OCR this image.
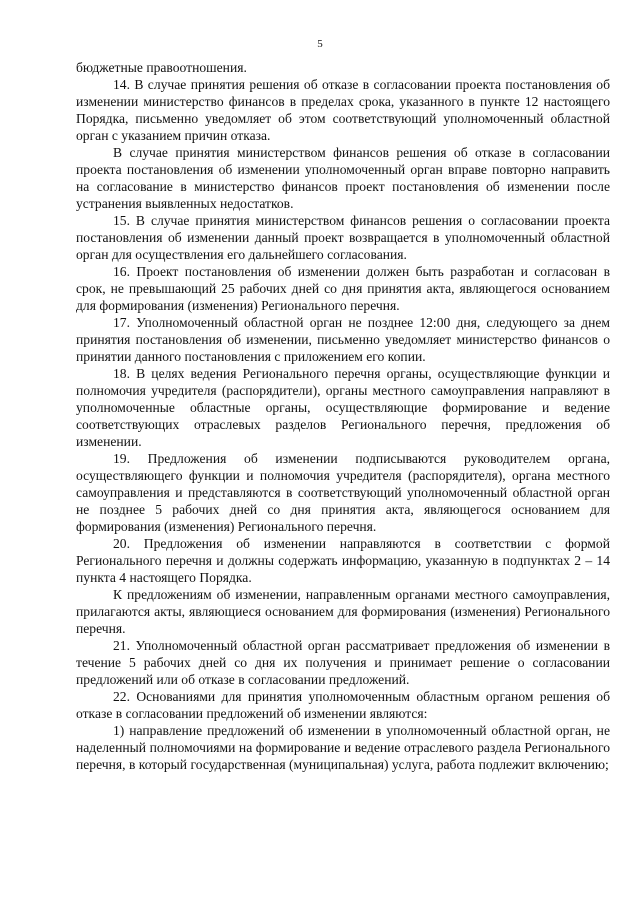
5

бюджетные правоотношения.

14. В случае принятия решения об отказе в согласовании проекта постановления об изменении министерство финансов в пределах срока, указанного в пункте 12 настоящего Порядка, письменно уведомляет об этом соответствующий уполномоченный областной орган с указанием причин отказа.

В случае принятия министерством финансов решения об отказе в согласовании проекта постановления об изменении уполномоченный орган вправе повторно направить на согласование в министерство финансов проект постановления об изменении после устранения выявленных недостатков.

15. В случае принятия министерством финансов решения о согласовании проекта постановления об изменении данный проект возвращается в уполномоченный областной орган для осуществления его дальнейшего согласования.

16. Проект постановления об изменении должен быть разработан и согласован в срок, не превышающий 25 рабочих дней со дня принятия акта, являющегося основанием для формирования (изменения) Регионального перечня.

17. Уполномоченный областной орган не позднее 12:00 дня, следующего за днем принятия постановления об изменении, письменно уведомляет министерство финансов о принятии данного постановления с приложением его копии.

18. В целях ведения Регионального перечня органы, осуществляющие функции и полномочия учредителя (распорядители), органы местного самоуправления направляют в уполномоченные областные органы, осуществляющие формирование и ведение соответствующих отраслевых разделов Регионального перечня, предложения об изменении.

19. Предложения об изменении подписываются руководителем органа, осуществляющего функции и полномочия учредителя (распорядителя), органа местного самоуправления и представляются в соответствующий уполномоченный областной орган не позднее 5 рабочих дней со дня принятия акта, являющегося основанием для формирования (изменения) Регионального перечня.

20. Предложения об изменении направляются в соответствии с формой Регионального перечня и должны содержать информацию, указанную в подпунктах 2 – 14 пункта 4 настоящего Порядка.

К предложениям об изменении, направленным органами местного самоуправления, прилагаются акты, являющиеся основанием для формирования (изменения) Регионального перечня.

21. Уполномоченный областной орган рассматривает предложения об изменении в течение 5 рабочих дней со дня их получения и принимает решение о согласовании предложений или об отказе в согласовании предложений.

22. Основаниями для принятия уполномоченным областным органом решения об отказе в согласовании предложений об изменении являются:

1) направление предложений об изменении в уполномоченный областной орган, не наделенный полномочиями на формирование и ведение отраслевого раздела Регионального перечня, в который государственная (муниципальная) услуга, работа подлежит включению;
